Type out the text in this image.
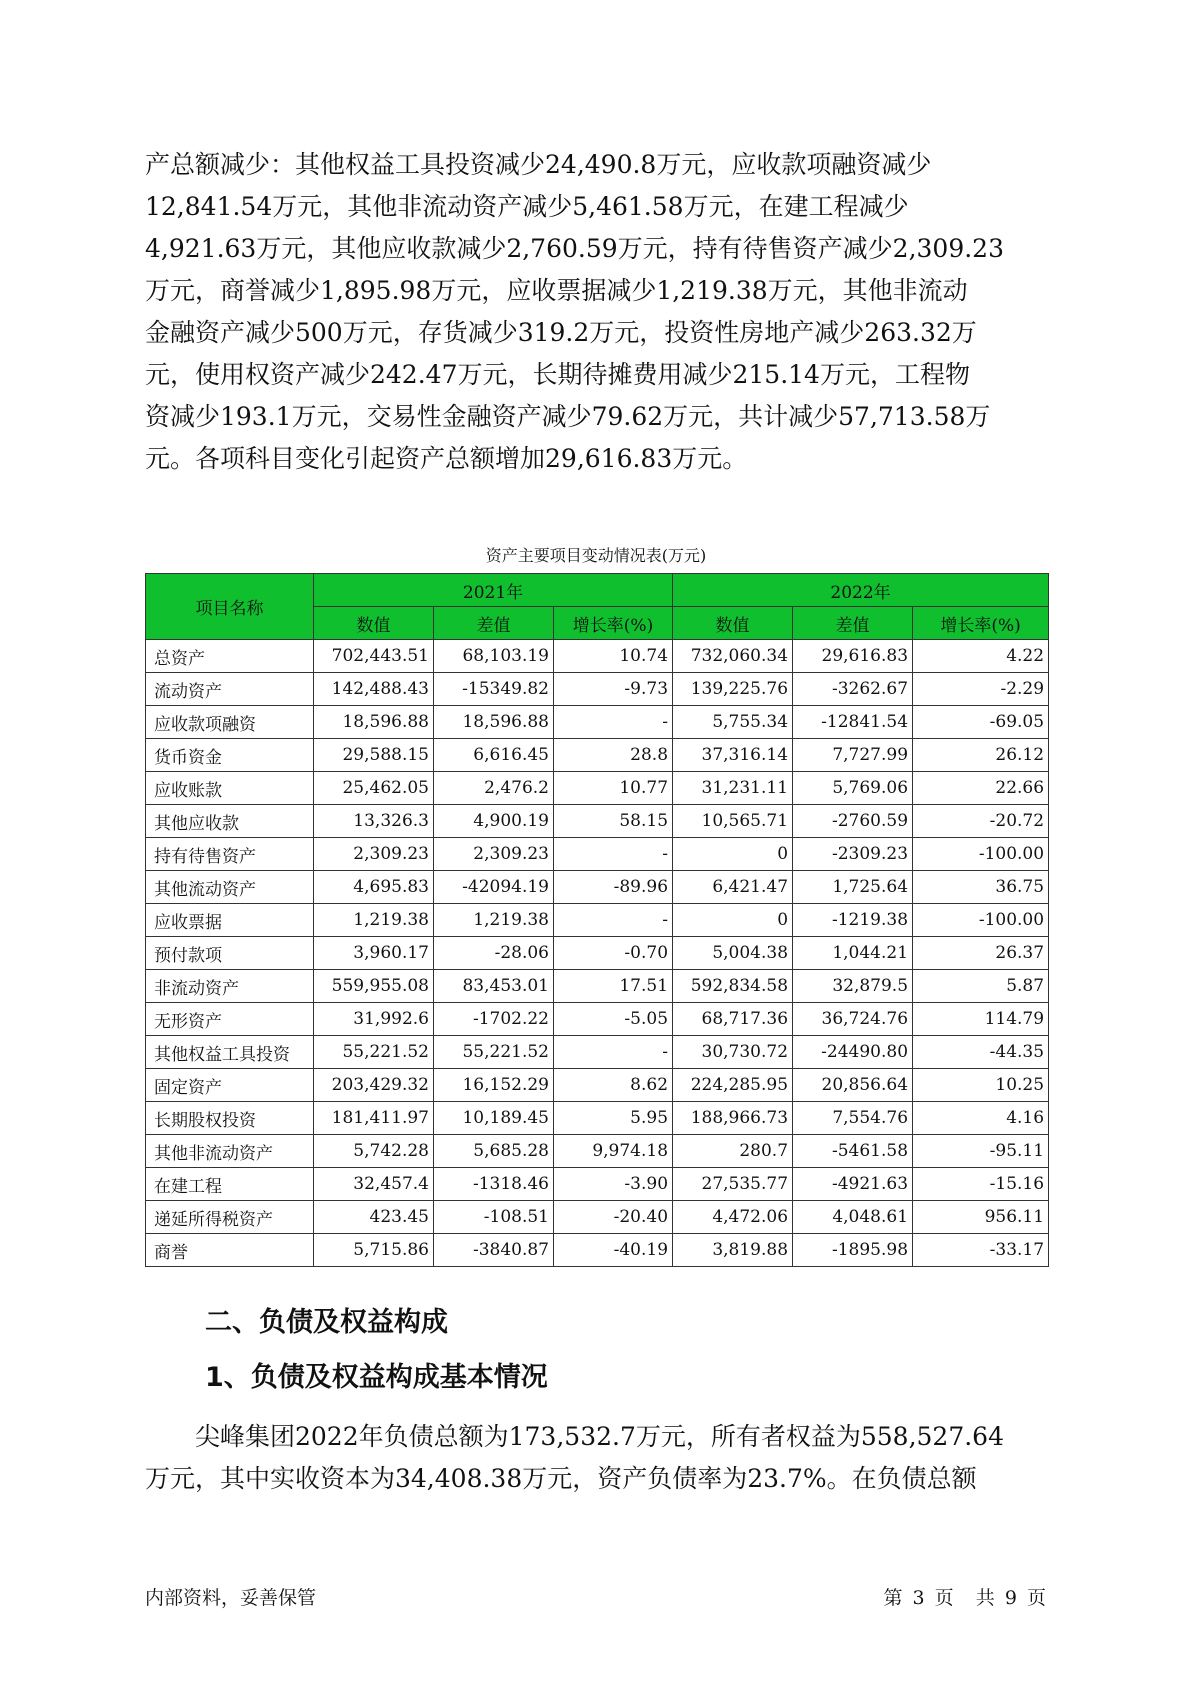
产总额减少：其他权益工具投资减少24,490.8万元，应收款项融资减少
12,841.54万元，其他非流动资产减少5,461.58万元，在建工程减少
4,921.63万元，其他应收款减少2,760.59万元，持有待售资产减少2,309.23
万元，商誉减少1,895.98万元，应收票据减少1,219.38万元，其他非流动
金融资产减少500万元，存货减少319.2万元，投资性房地产减少263.32万
元，使用权资产减少242.47万元，长期待摊费用减少215.14万元，工程物
资减少193.1万元，交易性金融资产减少79.62万元，共计减少57,713.58万
元。各项科目变化引起资产总额增加29,616.83万元。
资产主要项目变动情况表(万元)
项目名称	2021年			2022年		
	数值	差值	增长率(%)	数值	差值	增长率(%)
总资产	702,443.51	68,103.19	10.74	732,060.34	29,616.83	4.22
流动资产	142,488.43	-15349.82	-9.73	139,225.76	-3262.67	-2.29
应收款项融资	18,596.88	18,596.88	-	5,755.34	-12841.54	-69.05
货币资金	29,588.15	6,616.45	28.8	37,316.14	7,727.99	26.12
应收账款	25,462.05	2,476.2	10.77	31,231.11	5,769.06	22.66
其他应收款	13,326.3	4,900.19	58.15	10,565.71	-2760.59	-20.72
持有待售资产	2,309.23	2,309.23	-	0	-2309.23	-100.00
其他流动资产	4,695.83	-42094.19	-89.96	6,421.47	1,725.64	36.75
应收票据	1,219.38	1,219.38	-	0	-1219.38	-100.00
预付款项	3,960.17	-28.06	-0.70	5,004.38	1,044.21	26.37
非流动资产	559,955.08	83,453.01	17.51	592,834.58	32,879.5	5.87
无形资产	31,992.6	-1702.22	-5.05	68,717.36	36,724.76	114.79
其他权益工具投资	55,221.52	55,221.52	-	30,730.72	-24490.80	-44.35
固定资产	203,429.32	16,152.29	8.62	224,285.95	20,856.64	10.25
长期股权投资	181,411.97	10,189.45	5.95	188,966.73	7,554.76	4.16
其他非流动资产	5,742.28	5,685.28	9,974.18	280.7	-5461.58	-95.11
在建工程	32,457.4	-1318.46	-3.90	27,535.77	-4921.63	-15.16
递延所得税资产	423.45	-108.51	-20.40	4,472.06	4,048.61	956.11
商誉	5,715.86	-3840.87	-40.19	3,819.88	-1895.98	-33.17
二、负债及权益构成
1、负债及权益构成基本情况
尖峰集团2022年负债总额为173,532.7万元，所有者权益为558,527.64
万元，其中实收资本为34,408.38万元，资产负债率为23.7%。在负债总额
内部资料，妥善保管	第 3 页 共 9 页
